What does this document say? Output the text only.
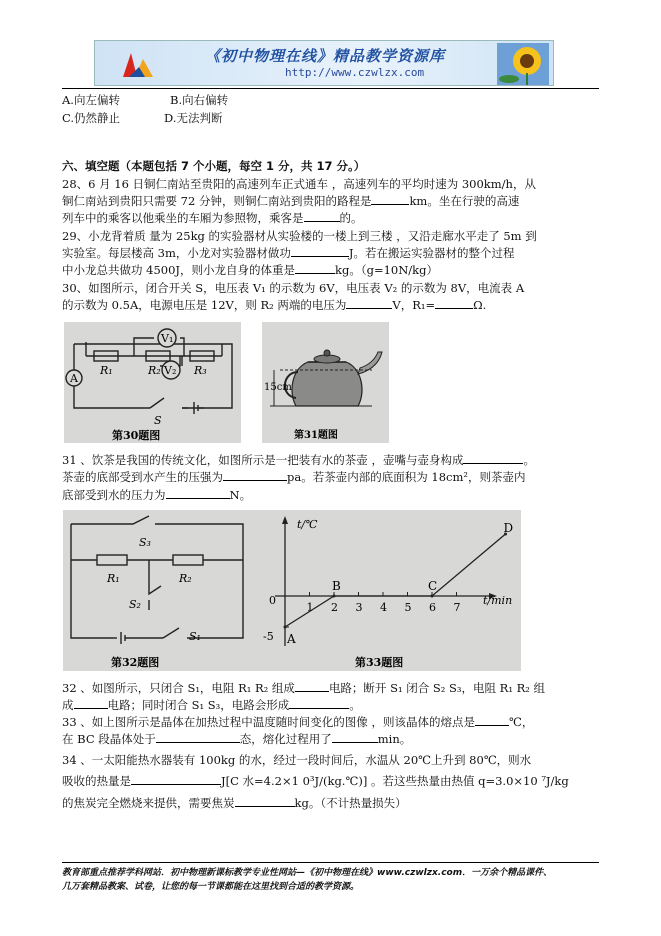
《初中物理在线》精品教学资源库
http://www.czwlzx.com
A.向左偏转	B.向右偏转
C.仍然静止	D.无法判断
六、填空题（本题包括 7 个小题，每空 1 分，共 17 分。）
28、6 月 16 日铜仁南站至贵阳的高速列车正式通车 ，高速列车的平均时速为 300km/h，从
铜仁南站到贵阳只需要 72 分钟，则铜仁南站到贵阳的路程是	km。坐在行驶的高速
列车中的乘客以他乘坐的车厢为参照物，乘客是	的。
29、小龙背着质 量为 25kg 的实验器材从实验楼的一楼上到三楼 ，又沿走廊水平走了 5m 到
实验室。每层楼高 3m，小龙对实验器材做功	J。若在搬运实验器材的整个过程
中小龙总共做功 4500J，则小龙自身的体重是	kg。（g=10N/kg）
30、如图所示，闭合开关 S，电压表 V₁ 的示数为 6V，电压表 V₂ 的示数为 8V，电流表 A
的示数为 0.5A，电源电压是 12V，则 R₂ 两端的电压为	V，R₁=	Ω.
V₁
V₂
R₁	R₂	R₃
A
S
第30题图
15cm
第31题图
31 、饮茶是我国的传统文化，如图所示是一把装有水的茶壶 ，壶嘴与壶身构成	。
茶壶的底部受到水产生的压强为	pa。若茶壶内部的底面积为 18cm²，则茶壶内
底部受到水的压力为	N。
S₃
R₁	R₂
S₂
S₁
第32题图
1 2 3 4 5 6 7
A
B	C
D
t/℃
t/min
0
-5
第33题图
32 、如图所示，只闭合 S₁，电阻 R₁ R₂ 组成	电路；断开 S₁ 闭合 S₂ S₃，电阻 R₁ R₂ 组
成	电路；同时闭合 S₁ S₃，电路会形成	。
33 、如上图所示是晶体在加热过程中温度随时间变化的图像 ，则该晶体的熔点是	℃，
在 BC 段晶体处于	态，熔化过程用了	min。
34 、一太阳能热水器装有 100kg 的水，经过一段时间后，水温从 20℃上升到 80℃，则水
吸收的热量是	J[C 水=4.2×1 0³J/(kg.℃)] 。若这些热量由热值 q=3.0×10 ⁷J/kg
的焦炭完全燃烧来提供，需要焦炭	kg。（不计热量损失）
教育部重点推荐学科网站．初中物理新课标教学专业性网站—《初中物理在线》www.czwlzx.com．一万余个精品课件、
几万套精品教案、试卷，让您的每一节课都能在这里找到合适的教学资源。
